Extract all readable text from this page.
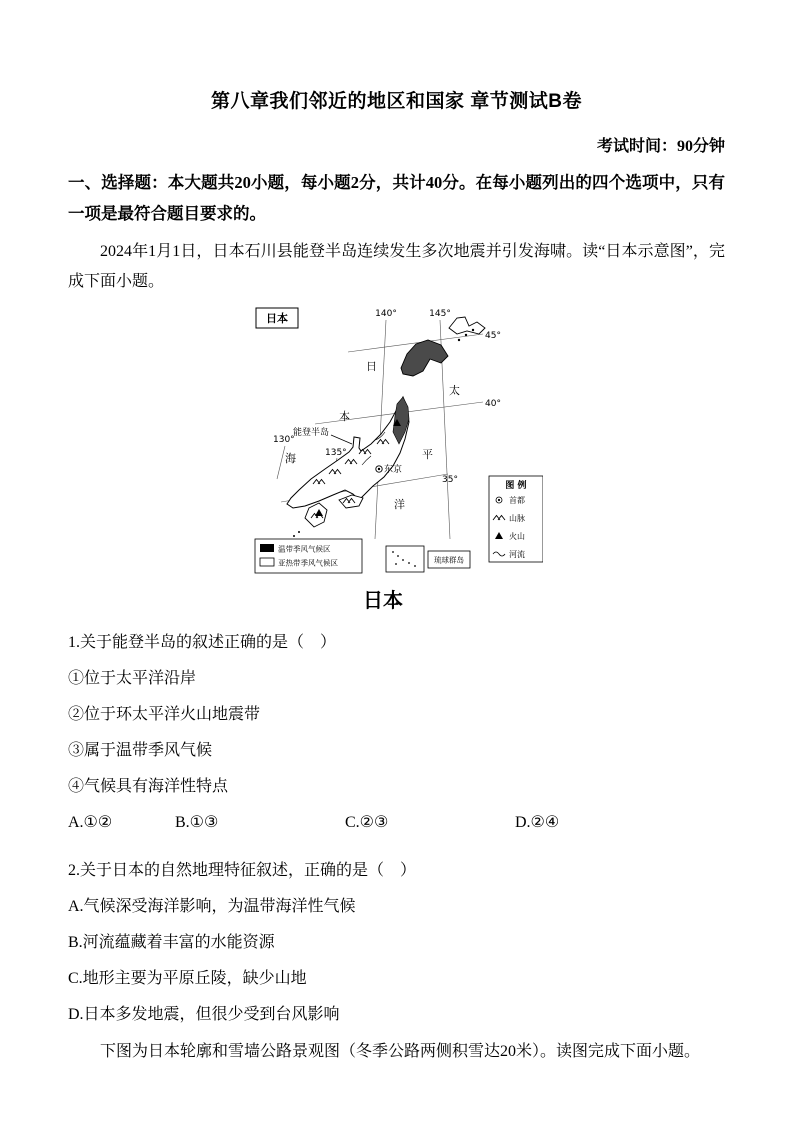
第八章我们邻近的地区和国家 章节测试B卷
考试时间：90分钟
一、选择题：本大题共20小题，每小题2分，共计40分。在每小题列出的四个选项中，只有一项是最符合题目要求的。
2024年1月1日，日本石川县能登半岛连续发生多次地震并引发海啸。读“日本示意图”，完成下面小题。
东京
能登半岛
日
本
海
太
平
洋
140°	145°
45°
40°
35°
130°
135°
日本
温带季风气候区
亚热带季风气候区	琉球群岛
图 例
首都
山脉
火山
河流
日本
1.关于能登半岛的叙述正确的是（　）
①位于太平洋沿岸
②位于环太平洋火山地震带
③属于温带季风气候
④气候具有海洋性特点
A.①②	B.①③	C.②③	D.②④
2.关于日本的自然地理特征叙述，正确的是（　）
A.气候深受海洋影响，为温带海洋性气候
B.河流蕴藏着丰富的水能资源
C.地形主要为平原丘陵，缺少山地
D.日本多发地震，但很少受到台风影响
下图为日本轮廓和雪墙公路景观图（冬季公路两侧积雪达20米）。读图完成下面小题。
